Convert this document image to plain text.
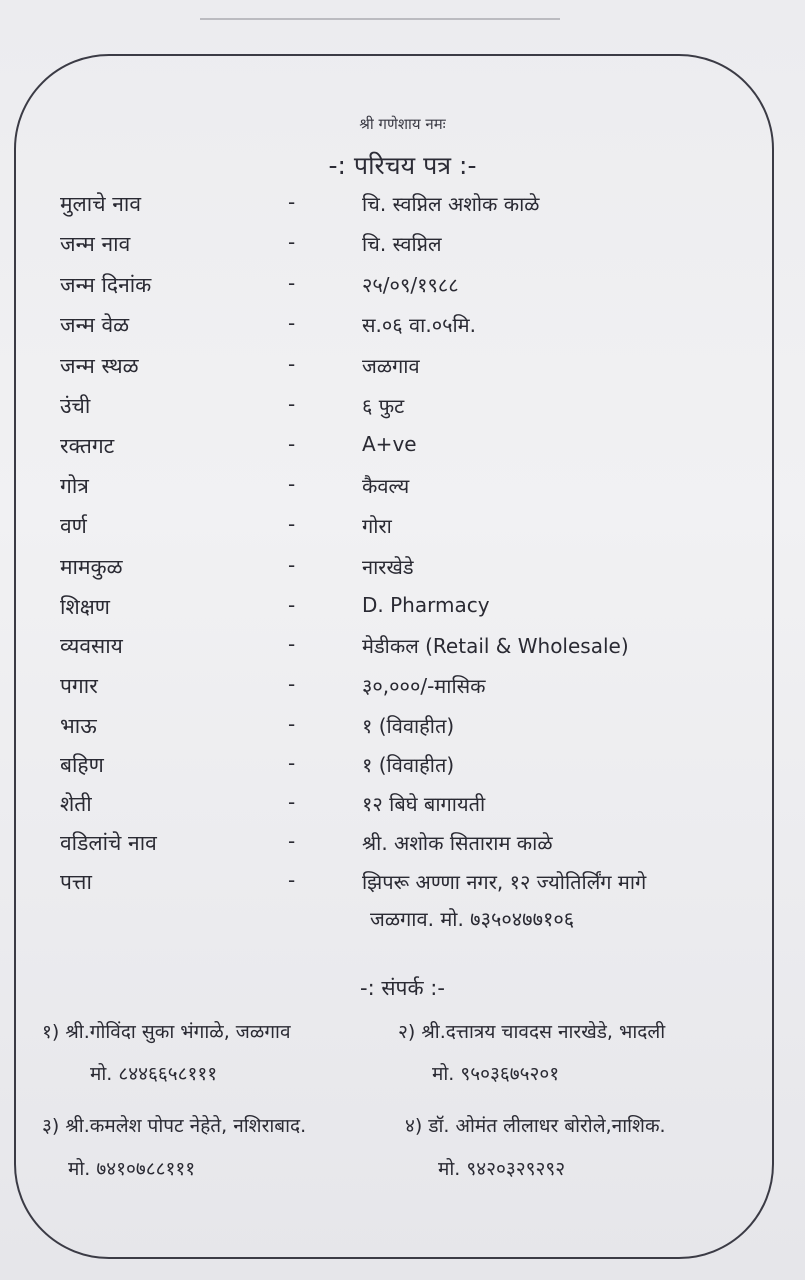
श्री गणेशाय नमः
-: परिचय पत्र :-
मुलाचे नाव	-	चि. स्वप्निल अशोक काळे
जन्म नाव	-	चि. स्वप्निल
जन्म दिनांक	-	२५/०९/१९८८
जन्म वेळ	-	स.०६ वा.०५मि.
जन्म स्थळ	-	जळगाव
उंची	-	६ फुट
रक्तगट	-	A+ve
गोत्र	-	कैवल्य
वर्ण	-	गोरा
मामकुळ	-	नारखेडे
शिक्षण	-	D. Pharmacy
व्यवसाय	-	मेडीकल (Retail & Wholesale)
पगार	-	३०,०००/-मासिक
भाऊ	-	१ (विवाहीत)
बहिण	-	१ (विवाहीत)
शेती	-	१२ बिघे बागायती
वडिलांचे नाव	-	श्री. अशोक सिताराम काळे
पत्ता	-	झिपरू अण्णा नगर, १२ ज्योतिर्लिंग मागे
जळगाव. मो. ७३५०४७७१०६
-: संपर्क :-
१) श्री.गोविंदा सुका भंगाळे, जळगाव
मो. ८४४६६५८१११
२) श्री.दत्तात्रय चावदस नारखेडे, भादली
मो. ९५०३६७५२०१
३) श्री.कमलेश पोपट नेहेते, नशिराबाद.
मो. ७४१०७८८१११
४) डॉ. ओमंत लीलाधर बोरोले,नाशिक.
मो. ९४२०३२९२९२
